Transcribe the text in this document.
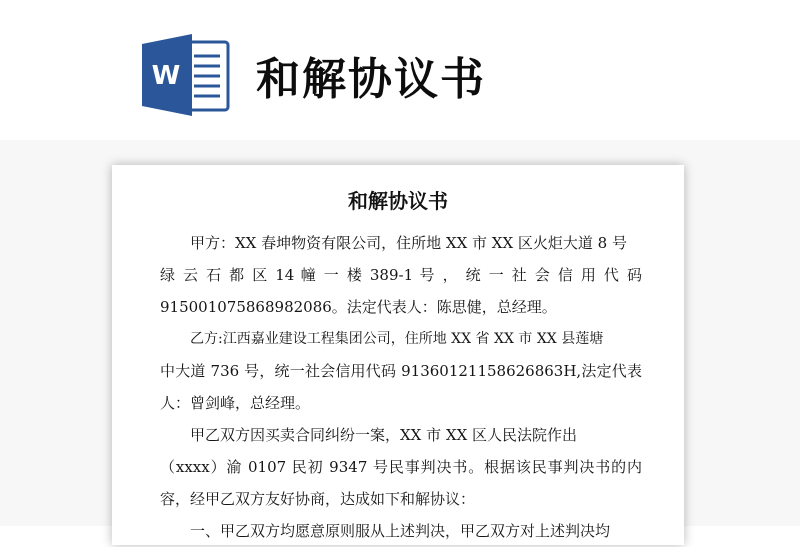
W 和解协议书
和解协议书
甲方：XX 春坤物资有限公司，住所地 XX 市 XX 区火炬大道 8 号
绿 云 石 都 区 14 幢 一 楼 389-1 号 ， 统 一 社 会 信 用 代 码
915001075868982086。法定代表人：陈思健，总经理。
乙方:江西嘉业建设工程集团公司，住所地 XX 省 XX 市 XX 县莲塘
中大道 736 号，统一社会信用代码 91360121158626863H,法定代表
人：曾剑峰，总经理。
甲乙双方因买卖合同纠纷一案，XX 市 XX 区人民法院作出
（xxxx）渝 0107 民初 9347 号民事判决书。根据该民事判决书的内
容，经甲乙双方友好协商，达成如下和解协议：
一、甲乙双方均愿意原则服从上述判决，甲乙双方对上述判决均
